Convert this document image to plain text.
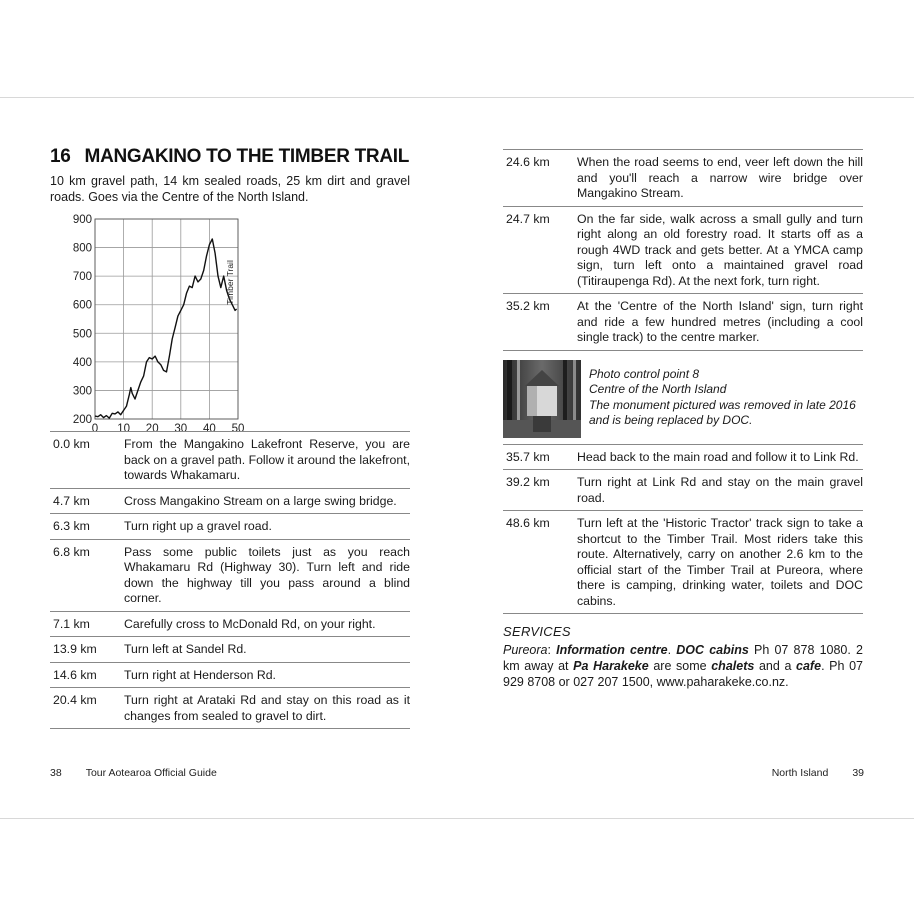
16 MANGAKINO TO THE TIMBER TRAIL
10 km gravel path, 14 km sealed roads, 25 km dirt and gravel roads. Goes via the Centre of the North Island.
0 10 20 30 40 50
900
800
700
600
500
400
300
200
Timber Trail
0.0 km	From the Mangakino Lakefront Reserve, you are back on a gravel path. Follow it around the lakefront, towards Whakamaru.
4.7 km	Cross Mangakino Stream on a large swing bridge.
6.3 km	Turn right up a gravel road.
6.8 km	Pass some public toilets just as you reach Whakamaru Rd (Highway 30). Turn left and ride down the highway till you pass around a blind corner.
7.1 km	Carefully cross to McDonald Rd, on your right.
13.9 km	Turn left at Sandel Rd.
14.6 km	Turn right at Henderson Rd.
20.4 km	Turn right at Arataki Rd and stay on this road as it changes from sealed to gravel to dirt.
24.6 km	When the road seems to end, veer left down the hill and you'll reach a narrow wire bridge over Mangakino Stream.
24.7 km	On the far side, walk across a small gully and turn right along an old forestry road. It starts off as a rough 4WD track and gets better. At a YMCA camp sign, turn left onto a maintained gravel road (Titiraupenga Rd). At the next fork, turn right.
35.2 km	At the 'Centre of the North Island' sign, turn right and ride a few hundred metres (including a cool single track) to the centre marker.
Photo control point 8
Centre of the North Island
The monument pictured was removed in late 2016 and is being replaced by DOC.
35.7 km	Head back to the main road and follow it to Link Rd.
39.2 km	Turn right at Link Rd and stay on the main gravel road.
48.6 km	Turn left at the 'Historic Tractor' track sign to take a shortcut to the Timber Trail. Most riders take this route. Alternatively, carry on another 2.6 km to the official start of the Timber Trail at Pureora, where there is camping, drinking water, toilets and DOC cabins.
SERVICES
Pureora: Information centre. DOC cabins Ph 07 878 1080. 2 km away at Pa Harakeke are some chalets and a cafe. Ph 07 929 8708 or 027 207 1500, www.paharakeke.co.nz.
38 Tour Aotearoa Official Guide	North Island 39
